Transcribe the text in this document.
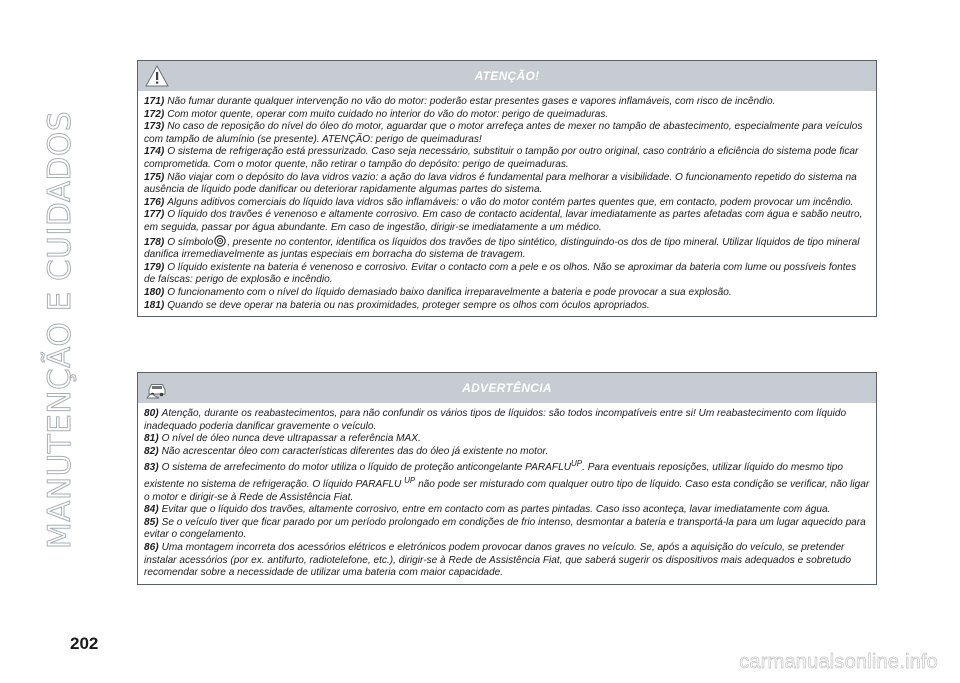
MANUTENÇÃO E CUIDADOS
ATENÇÃO!

171) Não fumar durante qualquer intervenção no vão do motor: poderão estar presentes gases e vapores inflamáveis, com risco de incêndio.

172) Com motor quente, operar com muito cuidado no interior do vão do motor: perigo de queimaduras.

173) No caso de reposição do nível do óleo do motor, aguardar que o motor arrefeça antes de mexer no tampão de abastecimento, especialmente para veículos com tampão de alumínio (se presente). ATENÇÃO: perigo de queimaduras!

174) O sistema de refrigeração está pressurizado. Caso seja necessário, substituir o tampão por outro original, caso contrário a eficiência do sistema pode ficar comprometida. Com o motor quente, não retirar o tampão do depósito: perigo de queimaduras.

175) Não viajar com o depósito do lava vidros vazio: a ação do lava vidros é fundamental para melhorar a visibilidade. O funcionamento repetido do sistema na ausência de líquido pode danificar ou deteriorar rapidamente algumas partes do sistema.

176) Alguns aditivos comerciais do líquido lava vidros são inflamáveis: o vão do motor contém partes quentes que, em contacto, podem provocar um incêndio.

177) O líquido dos travões é venenoso e altamente corrosivo. Em caso de contacto acidental, lavar imediatamente as partes afetadas com água e sabão neutro, em seguida, passar por água abundante. Em caso de ingestão, dirigir-se imediatamente a um médico.

178) O símbolo , presente no contentor, identifica os líquidos dos travões de tipo sintético, distinguindo-os dos de tipo mineral. Utilizar líquidos de tipo mineral danifica irremediavelmente as juntas especiais em borracha do sistema de travagem.

179) O líquido existente na bateria é venenoso e corrosivo. Evitar o contacto com a pele e os olhos. Não se aproximar da bateria com lume ou possíveis fontes de faíscas: perigo de explosão e incêndio.

180) O funcionamento com o nível do líquido demasiado baixo danifica irreparavelmente a bateria e pode provocar a sua explosão.

181) Quando se deve operar na bateria ou nas proximidades, proteger sempre os olhos com óculos apropriados.

ADVERTÊNCIA

80) Atenção, durante os reabastecimentos, para não confundir os vários tipos de líquidos: são todos incompatíveis entre si! Um reabastecimento com líquido inadequado poderia danificar gravemente o veículo.

81) O nível de óleo nunca deve ultrapassar a referência MAX.

82) Não acrescentar óleo com características diferentes das do óleo já existente no motor.

83) O sistema de arrefecimento do motor utiliza o líquido de proteção anticongelante $PARAFLU^{UP}$. Para eventuais reposições, utilizar líquido do mesmo tipo existente no sistema de refrigeração. O líquido PARAFLU $^{UP}$ não pode ser misturado com qualquer outro tipo de líquido. Caso esta condição se verificar, não ligar o motor e dirigir-se à Rede de Assistência Fiat.

84) Evitar que o líquido dos travões, altamente corrosivo, entre em contacto com as partes pintadas. Caso isso aconteça, lavar imediatamente com água.

85) Se o veículo tiver que ficar parado por um período prolongado em condições de frio intenso, desmontar a bateria e transportá-la para um lugar aquecido para evitar o congelamento.

86) Uma montagem incorreta dos acessórios elétricos e eletrónicos podem provocar danos graves no veículo. Se, após a aquisição do veículo, se pretender instalar acessórios (por ex. antifurto, radiotelefone, etc.), dirigir-se à Rede de Assistência Fiat, que saberá sugerir os dispositivos mais adequados e sobretudo recomendar sobre a necessidade de utilizar uma bateria com maior capacidade.

202
carmanualsonline.info
